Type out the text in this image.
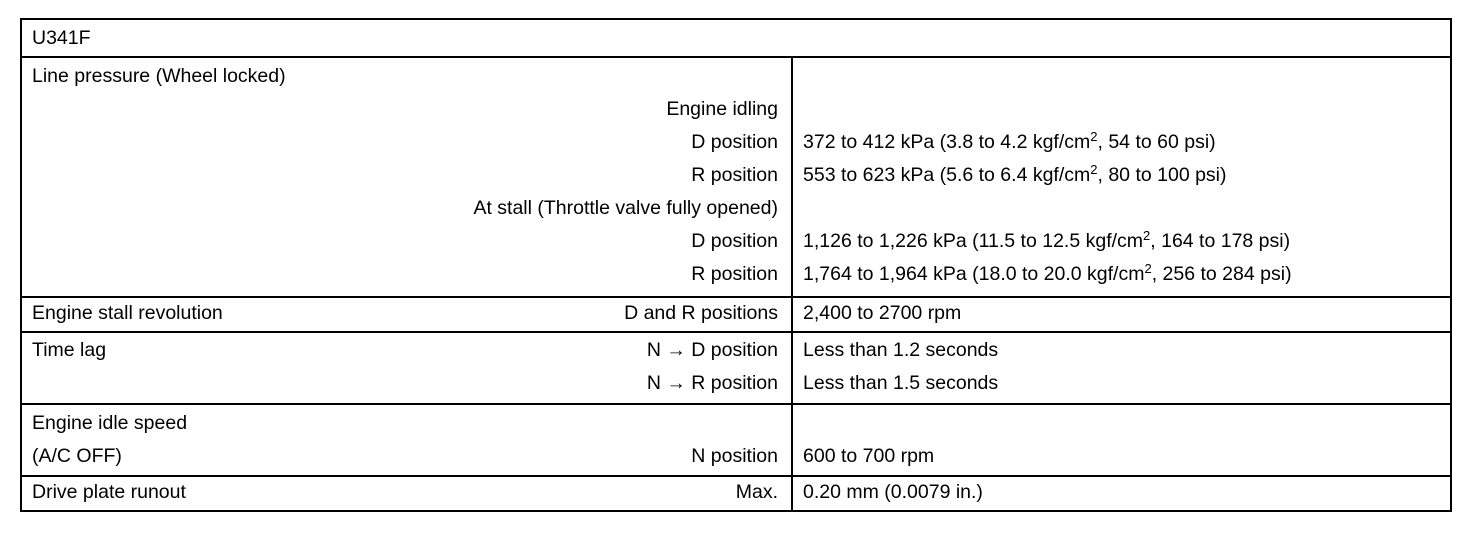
U341F
Line pressure (Wheel locked)
Engine idling
D position 372 to 412 kPa (3.8 to 4.2 kgf/$cm^2$, 54 to 60 psi)
R position 553 to 623 kPa (5.6 to 6.4 kgf/$cm^2$, 80 to 100 psi)
At stall (Throttle valve fully opened)
D position 1,126 to 1,226 kPa (11.5 to 12.5 kgf/$cm^2$, 164 to 178 psi)
R position 1,764 to 1,964 kPa (18.0 to 20.0 kgf/$cm^2$, 256 to 284 psi)
Engine stall revolution	D and R positions 2,400 to 2700 rpm
Time lag	N → D position Less than 1.2 seconds
N → R position Less than 1.5 seconds
Engine idle speed
(A/C OFF)	N position 600 to 700 rpm
Drive plate runout	Max. 0.20 mm (0.0079 in.)
